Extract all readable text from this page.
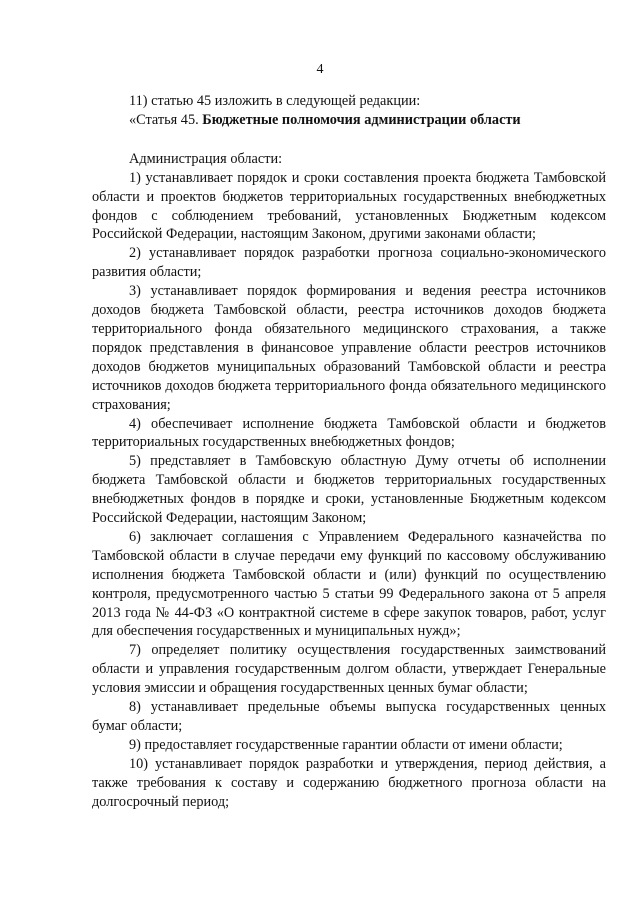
4

11) статью 45 изложить в следующей редакции:

«Статья 45. Бюджетные полномочия администрации области

Администрация области:

1) устанавливает порядок и сроки составления проекта бюджета Тамбовской области и проектов бюджетов территориальных государственных внебюджетных фондов с соблюдением требований, установленных Бюджетным кодексом Российской Федерации, настоящим Законом, другими законами области;

2) устанавливает порядок разработки прогноза социально-экономического развития области;

3) устанавливает порядок формирования и ведения реестра источников доходов бюджета Тамбовской области, реестра источников доходов бюджета территориального фонда обязательного медицинского страхования, а также порядок представления в финансовое управление области реестров источников доходов бюджетов муниципальных образований Тамбовской области и реестра источников доходов бюджета территориального фонда обязательного медицинского страхования;

4) обеспечивает исполнение бюджета Тамбовской области и бюджетов территориальных государственных внебюджетных фондов;

5) представляет в Тамбовскую областную Думу отчеты об исполнении бюджета Тамбовской области и бюджетов территориальных государственных внебюджетных фондов в порядке и сроки, установленные Бюджетным кодексом Российской Федерации, настоящим Законом;

6) заключает соглашения с Управлением Федерального казначейства по Тамбовской области в случае передачи ему функций по кассовому обслуживанию исполнения бюджета Тамбовской области и (или) функций по осуществлению контроля, предусмотренного частью 5 статьи 99 Федерального закона от 5 апреля 2013 года № 44-ФЗ «О контрактной системе в сфере закупок товаров, работ, услуг для обеспечения государственных и муниципальных нужд»;

7) определяет политику осуществления государственных заимствований области и управления государственным долгом области, утверждает Генеральные условия эмиссии и обращения государственных ценных бумаг области;

8) устанавливает предельные объемы выпуска государственных ценных бумаг области;

9) предоставляет государственные гарантии области от имени области;

10) устанавливает порядок разработки и утверждения, период действия, а также требования к составу и содержанию бюджетного прогноза области на долгосрочный период;
